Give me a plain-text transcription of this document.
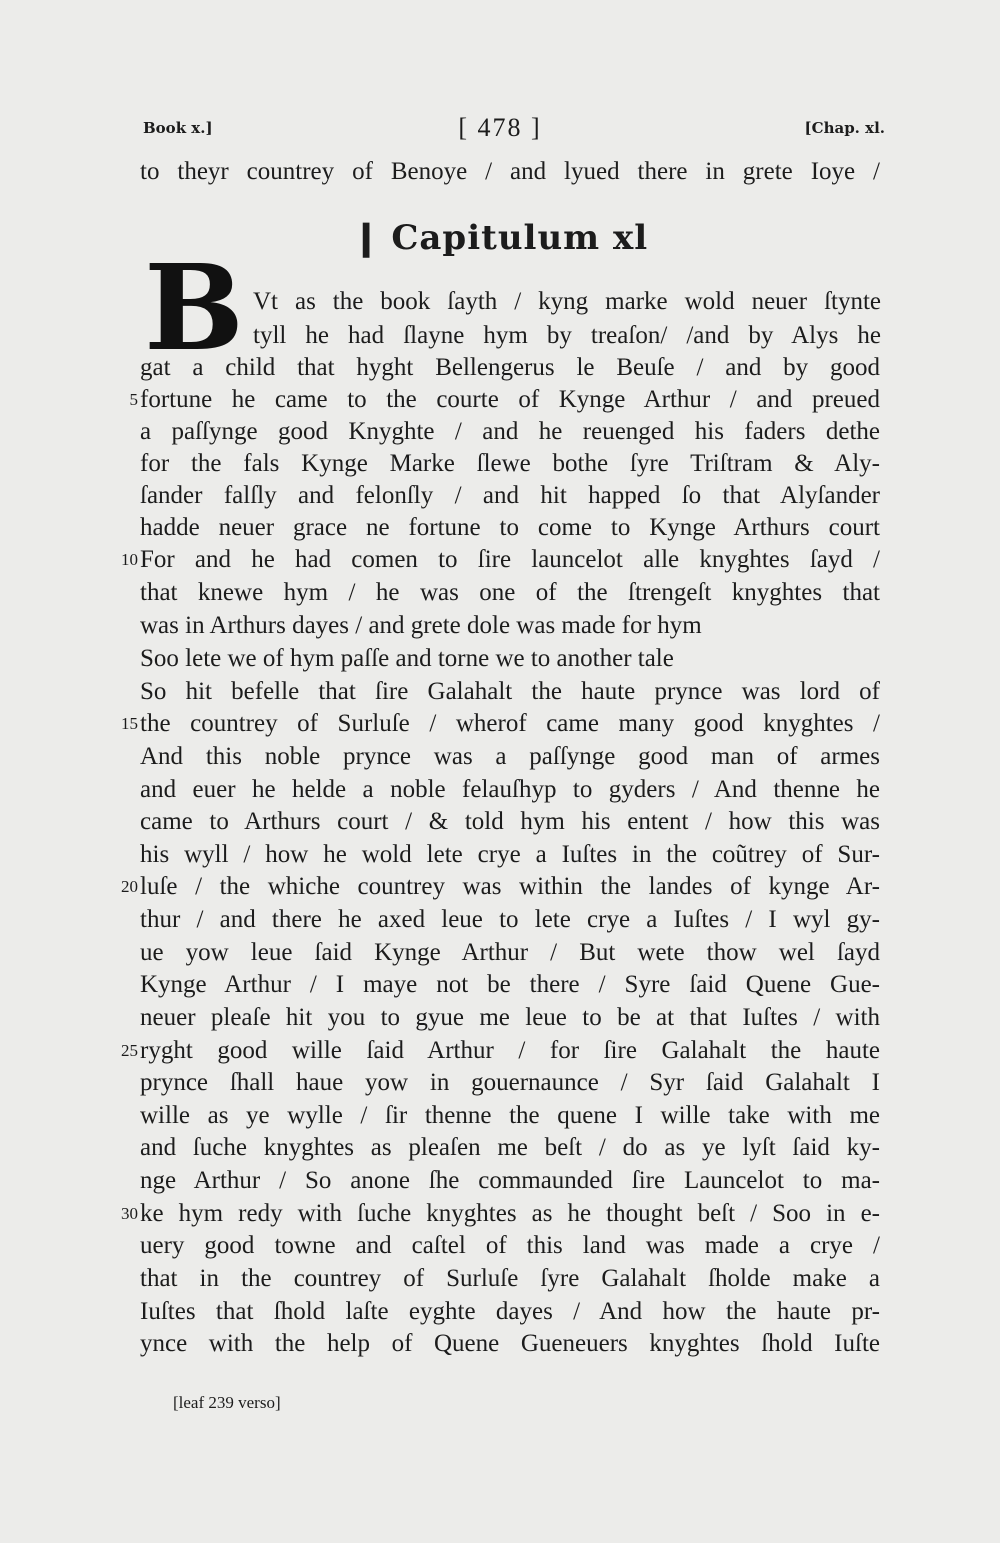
Book x.]	[ 478 ]	[Chap. xl.
to theyr countrey of Benoye / and lyued there in grete Ioye /
❙ Capitulum xl
B Vt as the book ſayth / kyng marke wold neuer ſtynte
tyll he had ſlayne hym by treaſon/ /and by Alys he
gat a child that hyght Bellengerus le Beuſe / and by good
fortune he came to the courte of Kynge Arthur / and preued
a paſſynge good Knyghte / and he reuenged his faders dethe
for the fals Kynge Marke ſlewe bothe ſyre Triſtram & Aly-
ſander falſly and felonſly / and hit happed ſo that Alyſander
hadde neuer grace ne fortune to come to Kynge Arthurs court
For and he had comen to ſire launcelot alle knyghtes ſayd /
that knewe hym / he was one of the ſtrengeſt knyghtes that
was in Arthurs dayes / and grete dole was made for hym
Soo lete we of hym paſſe and torne we to another tale
So hit befelle that ſire Galahalt the haute prynce was lord of
the countrey of Surluſe / wherof came many good knyghtes /
And this noble prynce was a paſſynge good man of armes
and euer he helde a noble felauſhyp to gyders / And thenne he
came to Arthurs court / & told hym his entent / how this was
his wyll / how he wold lete crye a Iuſtes in the coũtrey of Sur-
luſe / the whiche countrey was within the landes of kynge Ar-
thur / and there he axed leue to lete crye a Iuſtes / I wyl gy-
ue yow leue ſaid Kynge Arthur / But wete thow wel ſayd
Kynge Arthur / I maye not be there / Syre ſaid Quene Gue-
neuer pleaſe hit you to gyue me leue to be at that Iuſtes / with
ryght good wille ſaid Arthur / for ſire Galahalt the haute
prynce ſhall haue yow in gouernaunce / Syr ſaid Galahalt I
wille as ye wylle / ſir thenne the quene I wille take with me
and ſuche knyghtes as pleaſen me beſt / do as ye lyſt ſaid ky-
nge Arthur / So anone ſhe commaunded ſire Launcelot to ma-
ke hym redy with ſuche knyghtes as he thought beſt / Soo in e-
uery good towne and caſtel of this land was made a crye /
that in the countrey of Surluſe ſyre Galahalt ſholde make a
Iuſtes that ſhold laſte eyghte dayes / And how the haute pr-
ynce with the help of Quene Gueneuers knyghtes ſhold Iuſte
5
10
15
20
25
30
[leaf 239 verso]
